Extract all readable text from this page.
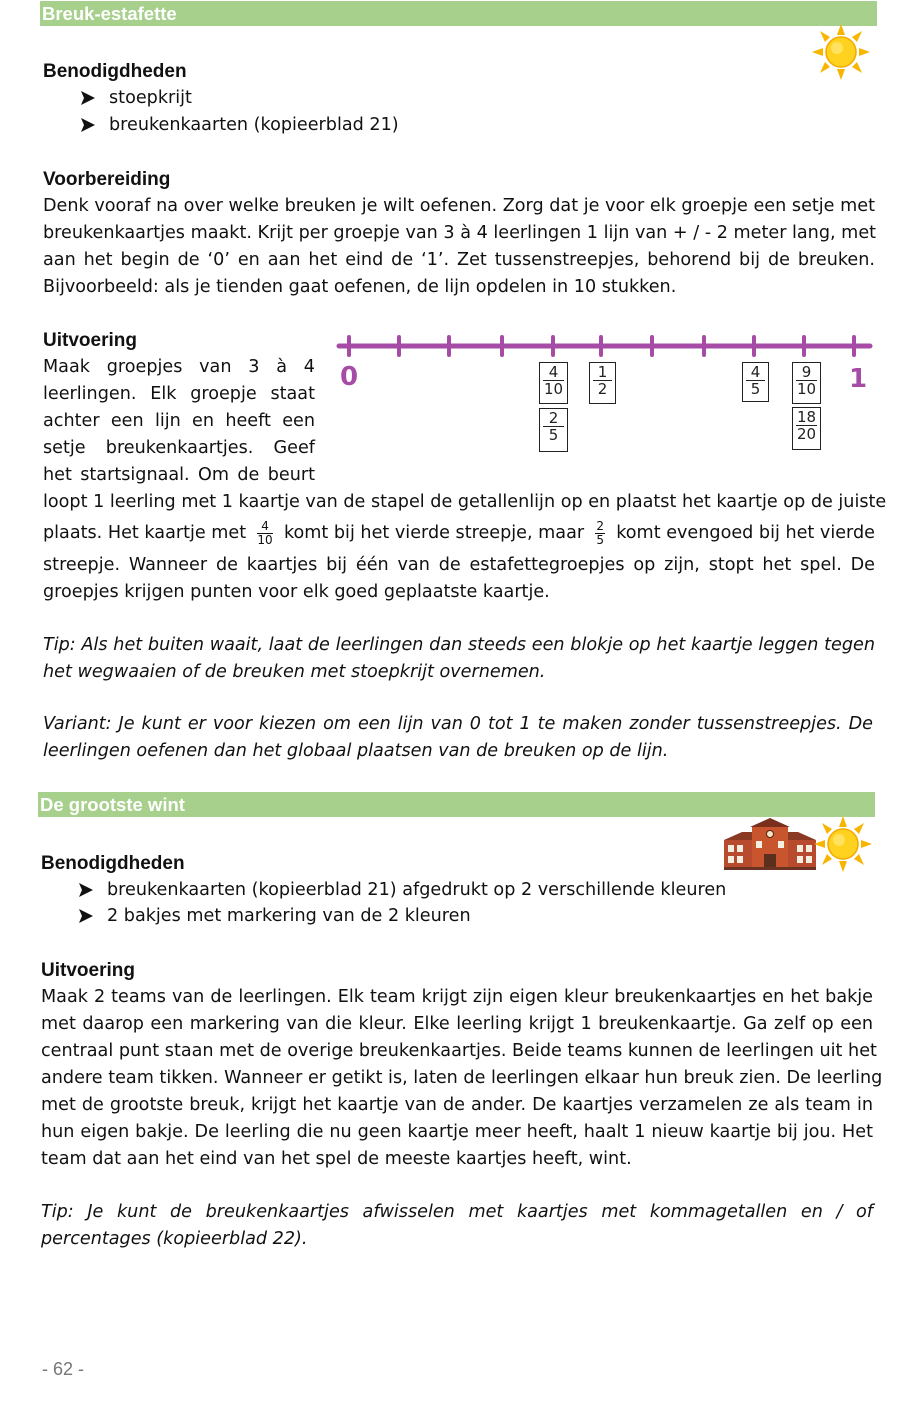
Breuk-estafette
Benodigdheden
stoepkrijt
breukenkaarten (kopieerblad 21)
Voorbereiding
Denk vooraf na over welke breuken je wilt oefenen. Zorg dat je voor elk groepje een setje met
breukenkaartjes maakt. Krijt per groepje van 3 à 4 leerlingen 1 lijn van + / - 2 meter lang, met
aan het begin de ‘0’ en aan het eind de ‘1’. Zet tussenstreepjes, behorend bij de breuken.
Bijvoorbeeld: als je tienden gaat oefenen, de lijn opdelen in 10 stukken.
Uitvoering
Maak groepjes van 3 à 4
leerlingen. Elk groepje staat
achter een lijn en heeft een
setje breukenkaartjes. Geef
het startsignaal. Om de beurt
0	1
4
10
1
2
2
5
4
5
9
10
18
20
loopt 1 leerling met 1 kaartje van de stapel de getallenlijn op en plaatst het kaartje op de juiste
plaats. Het kaartje met $\frac{4}{10}$ komt bij het vierde streepje, maar $\frac{2}{5}$ komt evengoed bij het vierde
streepje. Wanneer de kaartjes bij één van de estafettegroepjes op zijn, stopt het spel. De
groepjes krijgen punten voor elk goed geplaatste kaartje.
Tip: Als het buiten waait, laat de leerlingen dan steeds een blokje op het kaartje leggen tegen
het wegwaaien of de breuken met stoepkrijt overnemen.
Variant: Je kunt er voor kiezen om een lijn van 0 tot 1 te maken zonder tussenstreepjes. De
leerlingen oefenen dan het globaal plaatsen van de breuken op de lijn.
De grootste wint
Benodigdheden
breukenkaarten (kopieerblad 21) afgedrukt op 2 verschillende kleuren
2 bakjes met markering van de 2 kleuren
Uitvoering
Maak 2 teams van de leerlingen. Elk team krijgt zijn eigen kleur breukenkaartjes en het bakje
met daarop een markering van die kleur. Elke leerling krijgt 1 breukenkaartje. Ga zelf op een
centraal punt staan met de overige breukenkaartjes. Beide teams kunnen de leerlingen uit het
andere team tikken. Wanneer er getikt is, laten de leerlingen elkaar hun breuk zien. De leerling
met de grootste breuk, krijgt het kaartje van de ander. De kaartjes verzamelen ze als team in
hun eigen bakje. De leerling die nu geen kaartje meer heeft, haalt 1 nieuw kaartje bij jou. Het
team dat aan het eind van het spel de meeste kaartjes heeft, wint.
Tip: Je kunt de breukenkaartjes afwisselen met kaartjes met kommagetallen en / of
percentages (kopieerblad 22).
- 62 -
